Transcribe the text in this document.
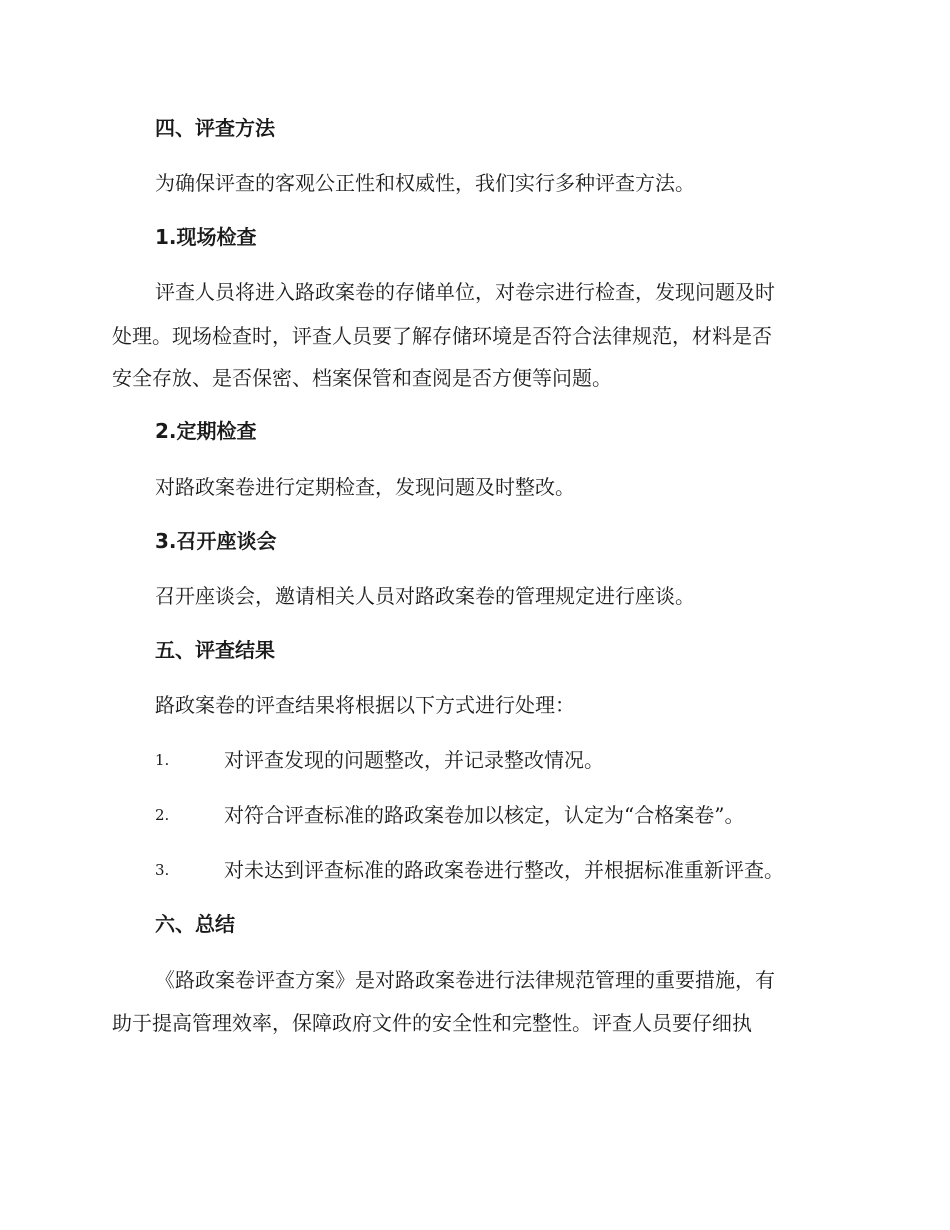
四、评查方法
为确保评查的客观公正性和权威性，我们实行多种评查方法。
1.现场检查
评查人员将进入路政案卷的存储单位，对卷宗进行检查，发现问题及时
处理。现场检查时，评查人员要了解存储环境是否符合法律规范，材料是否
安全存放、是否保密、档案保管和查阅是否方便等问题。
2.定期检查
对路政案卷进行定期检查，发现问题及时整改。
3.召开座谈会
召开座谈会，邀请相关人员对路政案卷的管理规定进行座谈。
五、评查结果
路政案卷的评查结果将根据以下方式进行处理：
1.	对评查发现的问题整改，并记录整改情况。
2.	对符合评查标准的路政案卷加以核定，认定为“合格案卷”。
3.	对未达到评查标准的路政案卷进行整改，并根据标准重新评查。
六、总结
《路政案卷评查方案》是对路政案卷进行法律规范管理的重要措施，有
助于提高管理效率，保障政府文件的安全性和完整性。评查人员要仔细执
